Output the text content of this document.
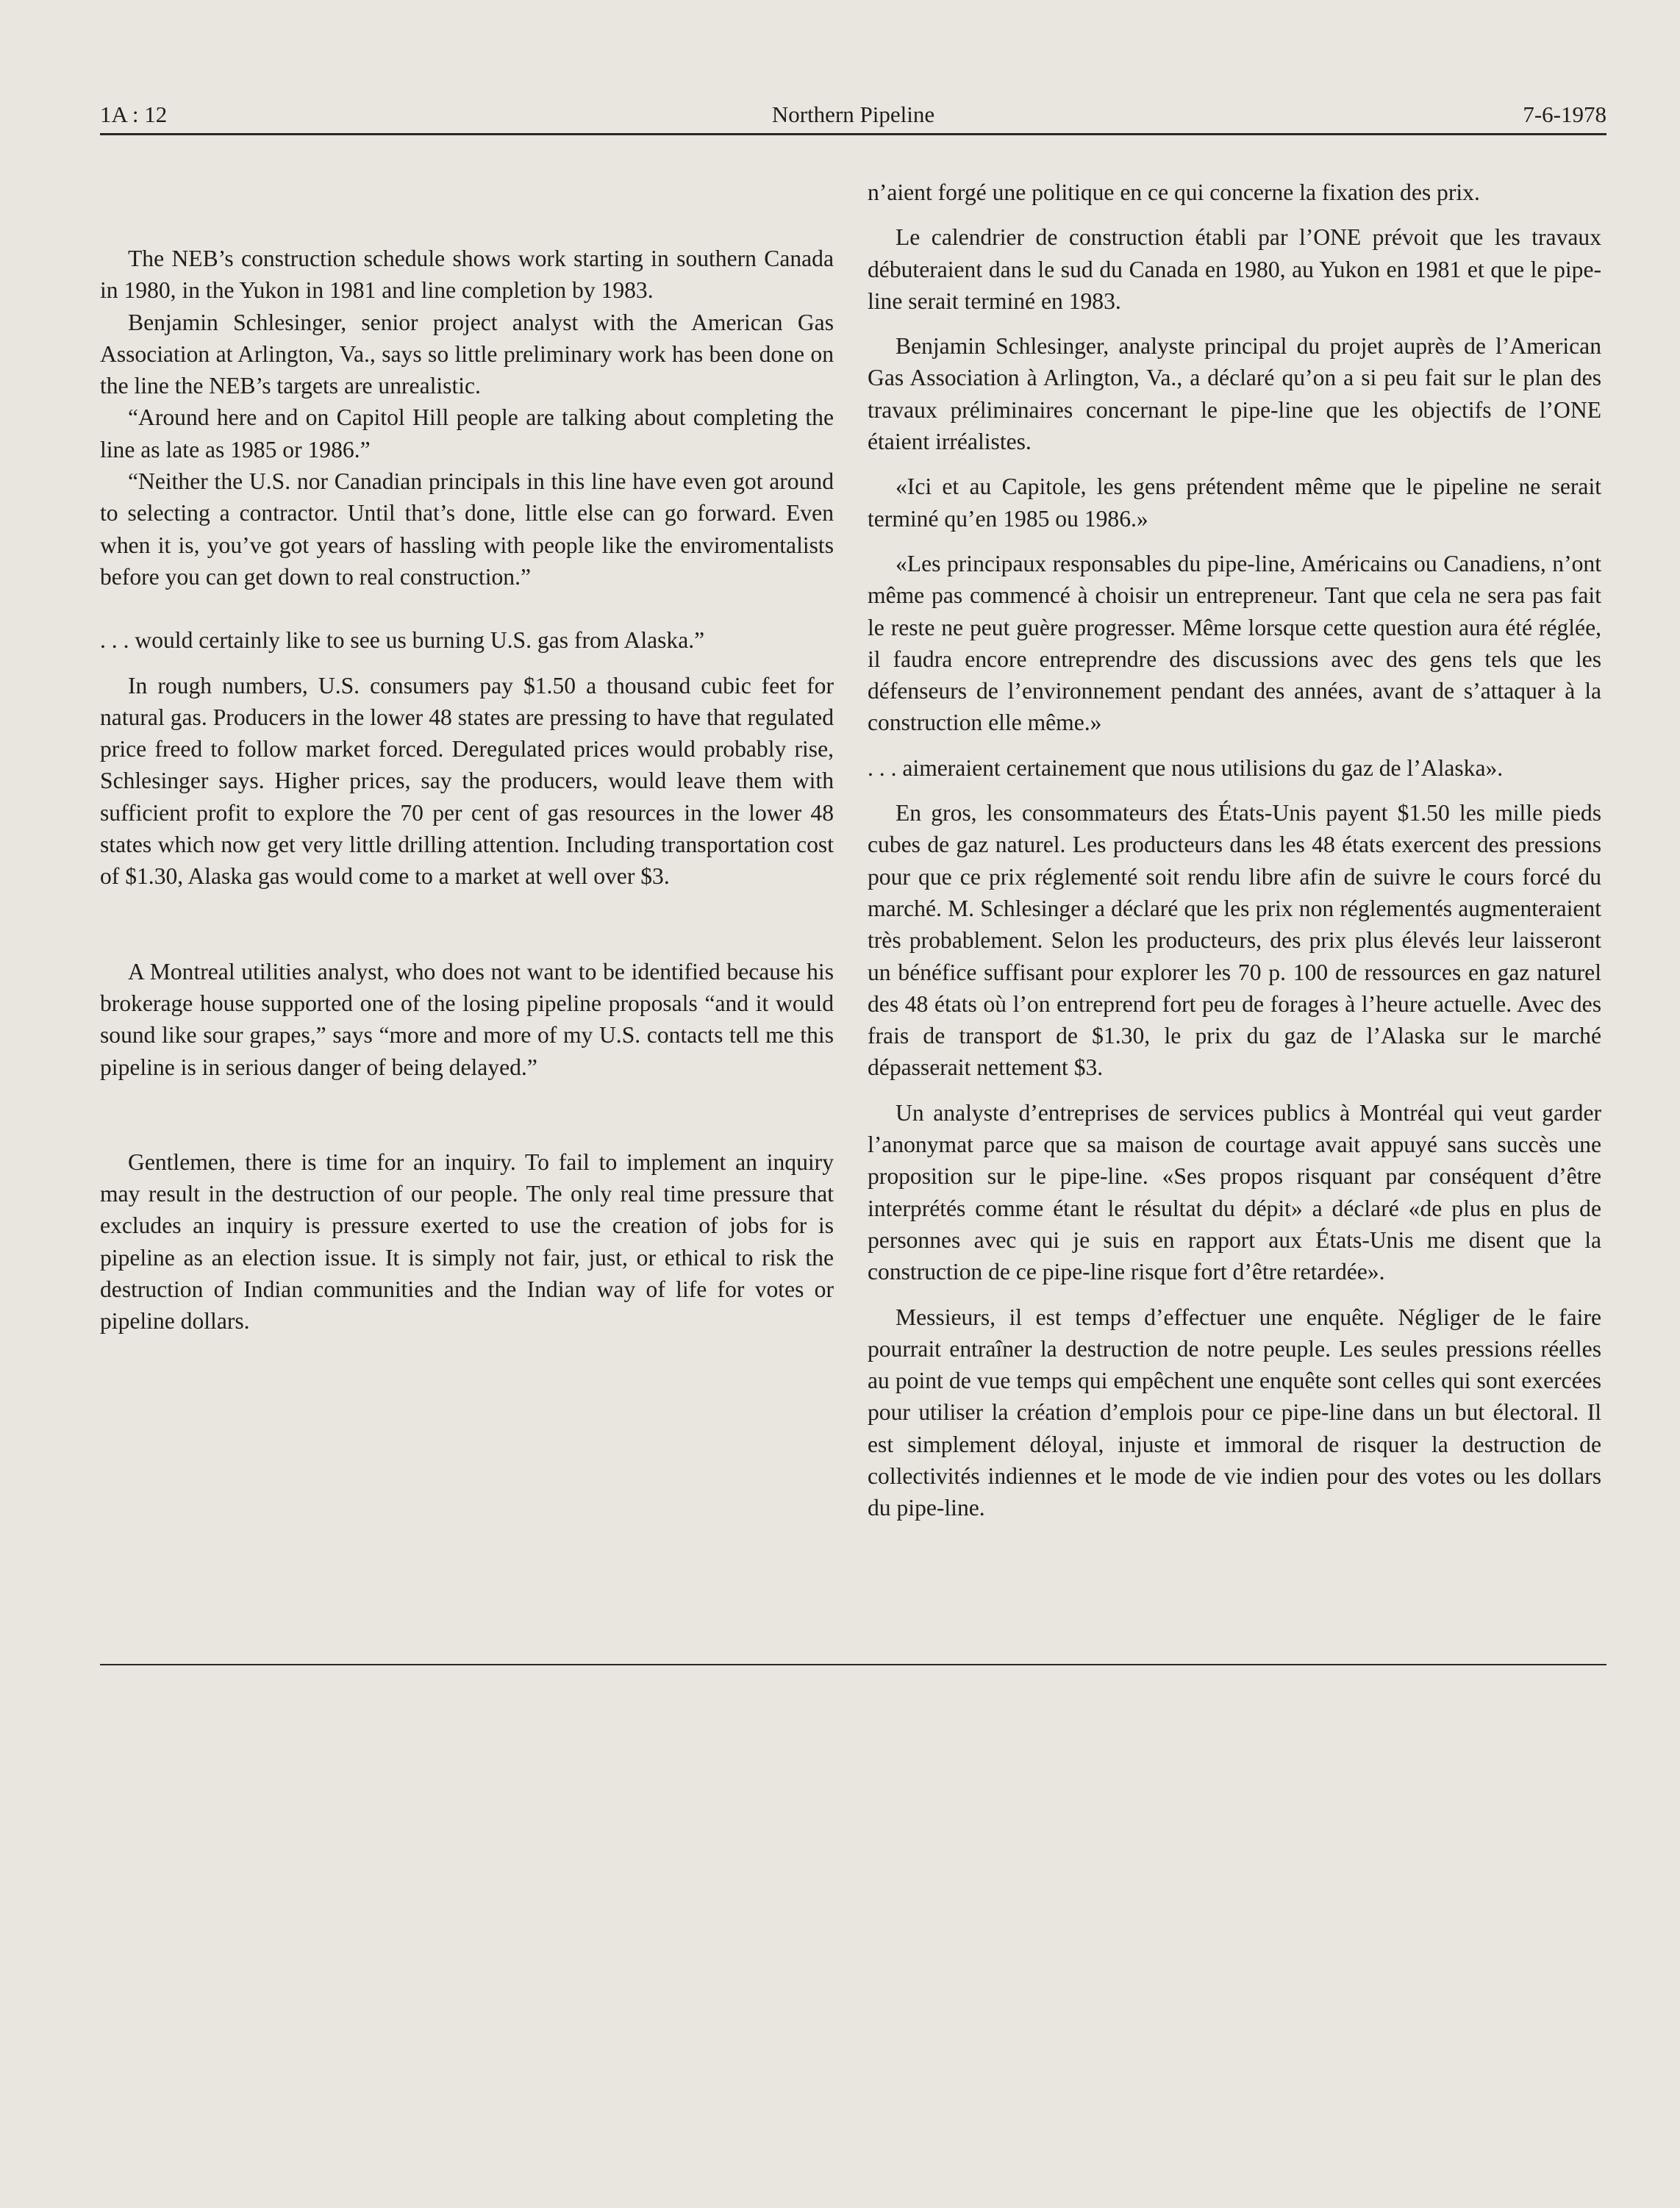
1A : 12	Northern Pipeline	7-6-1978

The NEB’s construction schedule shows work starting in southern Canada in 1980, in the Yukon in 1981 and line completion by 1983.

Benjamin Schlesinger, senior project analyst with the American Gas Association at Arlington, Va., says so little preliminary work has been done on the line the NEB’s targets are unrealistic.

“Around here and on Capitol Hill people are talking about completing the line as late as 1985 or 1986.”

“Neither the U.S. nor Canadian principals in this line have even got around to selecting a contractor. Until that’s done, little else can go forward. Even when it is, you’ve got years of hassling with people like the enviromentalists before you can get down to real construction.”

. . . would certainly like to see us burning U.S. gas from Alaska.”

In rough numbers, U.S. consumers pay $1.50 a thousand cubic feet for natural gas. Producers in the lower 48 states are pressing to have that regulated price freed to follow market forced. Deregulated prices would probably rise, Schlesinger says. Higher prices, say the producers, would leave them with sufficient profit to explore the 70 per cent of gas resources in the lower 48 states which now get very little drilling attention. Including transportation cost of $1.30, Alaska gas would come to a market at well over $3.

A Montreal utilities analyst, who does not want to be identified because his brokerage house supported one of the losing pipeline proposals “and it would sound like sour grapes,” says “more and more of my U.S. contacts tell me this pipeline is in serious danger of being delayed.”

Gentlemen, there is time for an inquiry. To fail to implement an inquiry may result in the destruction of our people. The only real time pressure that excludes an inquiry is pressure exerted to use the creation of jobs for is pipeline as an election issue. It is simply not fair, just, or ethical to risk the destruction of Indian communities and the Indian way of life for votes or pipeline dollars.

n’aient forgé une politique en ce qui concerne la fixation des prix.

Le calendrier de construction établi par l’ONE prévoit que les travaux débuteraient dans le sud du Canada en 1980, au Yukon en 1981 et que le pipe-line serait terminé en 1983.

Benjamin Schlesinger, analyste principal du projet auprès de l’American Gas Association à Arlington, Va., a déclaré qu’on a si peu fait sur le plan des travaux préliminaires concernant le pipe-line que les objectifs de l’ONE étaient irréalistes.

«Ici et au Capitole, les gens prétendent même que le pipeline ne serait terminé qu’en 1985 ou 1986.»

«Les principaux responsables du pipe-line, Américains ou Canadiens, n’ont même pas commencé à choisir un entrepreneur. Tant que cela ne sera pas fait le reste ne peut guère progresser. Même lorsque cette question aura été réglée, il faudra encore entreprendre des discussions avec des gens tels que les défenseurs de l’environnement pendant des années, avant de s’attaquer à la construction elle même.»

. . . aimeraient certainement que nous utilisions du gaz de l’Alaska».

En gros, les consommateurs des États-Unis payent $1.50 les mille pieds cubes de gaz naturel. Les producteurs dans les 48 états exercent des pressions pour que ce prix réglementé soit rendu libre afin de suivre le cours forcé du marché. M. Schlesinger a déclaré que les prix non réglementés augmenteraient très probablement. Selon les producteurs, des prix plus élevés leur laisseront un bénéfice suffisant pour explorer les 70 p. 100 de ressources en gaz naturel des 48 états où l’on entreprend fort peu de forages à l’heure actuelle. Avec des frais de transport de $1.30, le prix du gaz de l’Alaska sur le marché dépasserait nettement $3.

Un analyste d’entreprises de services publics à Montréal qui veut garder l’anonymat parce que sa maison de courtage avait appuyé sans succès une proposition sur le pipe-line. «Ses propos risquant par conséquent d’être interprétés comme étant le résultat du dépit» a déclaré «de plus en plus de personnes avec qui je suis en rapport aux États-Unis me disent que la construction de ce pipe-line risque fort d’être retardée».

Messieurs, il est temps d’effectuer une enquête. Négliger de le faire pourrait entraîner la destruction de notre peuple. Les seules pressions réelles au point de vue temps qui empêchent une enquête sont celles qui sont exercées pour utiliser la création d’emplois pour ce pipe-line dans un but électoral. Il est simplement déloyal, injuste et immoral de risquer la destruction de collectivités indiennes et le mode de vie indien pour des votes ou les dollars du pipe-line.
